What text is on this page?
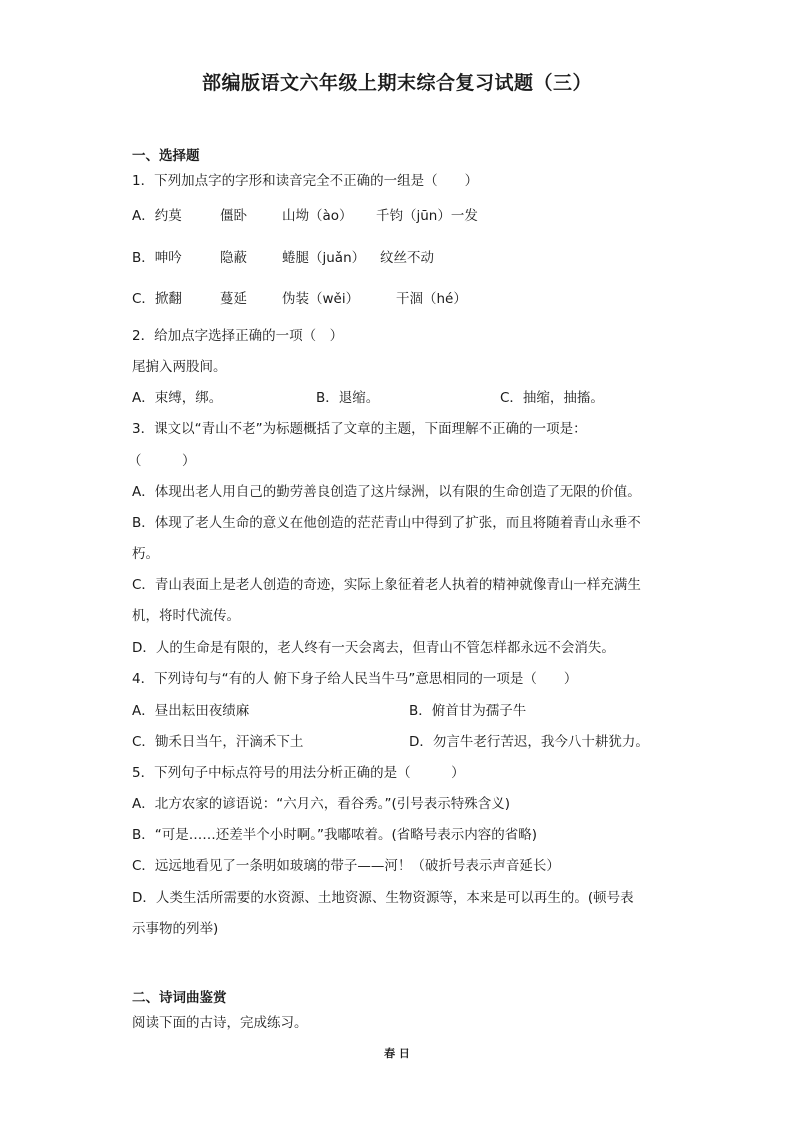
部编版语文六年级上期末综合复习试题（三）
一、选择题
1．下列加点字的字形和读音完全不正确的一组是（　　）
A．约莫	僵卧	山坳（ào） 千钧（jūn）一发
B．呻吟	隐蔽	蜷腿（juǎn） 纹丝不动
C．掀翻	蔓延	伪装（wěi）	干涸（hé）
2．给加点字选择正确的一项（　）
尾掮入两股间。
A．束缚，绑。	B．退缩。	C．抽缩，抽搐。
3．课文以“青山不老”为标题概括了文章的主题，下面理解不正确的一项是：
（　　　）
A．体现出老人用自己的勤劳善良创造了这片绿洲，以有限的生命创造了无限的价值。
B．体现了老人生命的意义在他创造的茫茫青山中得到了扩张，而且将随着青山永垂不
朽。
C．青山表面上是老人创造的奇迹，实际上象征着老人执着的精神就像青山一样充满生
机，将时代流传。
D．人的生命是有限的，老人终有一天会离去，但青山不管怎样都永远不会消失。
4．下列诗句与“有的人 俯下身子给人民当牛马”意思相同的一项是（　　）
A．昼出耘田夜绩麻	B．俯首甘为孺子牛
C．锄禾日当午，汗滴禾下土	D．勿言牛老行苦迟，我今八十耕犹力。
5．下列句子中标点符号的用法分析正确的是（　　　）
A．北方农家的谚语说：“六月六，看谷秀。”(引号表示特殊含义)
B．“可是……还差半个小时啊。”我嘟哝着。(省略号表示内容的省略)
C．远远地看见了一条明如玻璃的带子——河！（破折号表示声音延长）
D．人类生活所需要的水资源、土地资源、生物资源等，本来是可以再生的。(顿号表
示事物的列举)
二、诗词曲鉴赏
阅读下面的古诗，完成练习。
春 日
